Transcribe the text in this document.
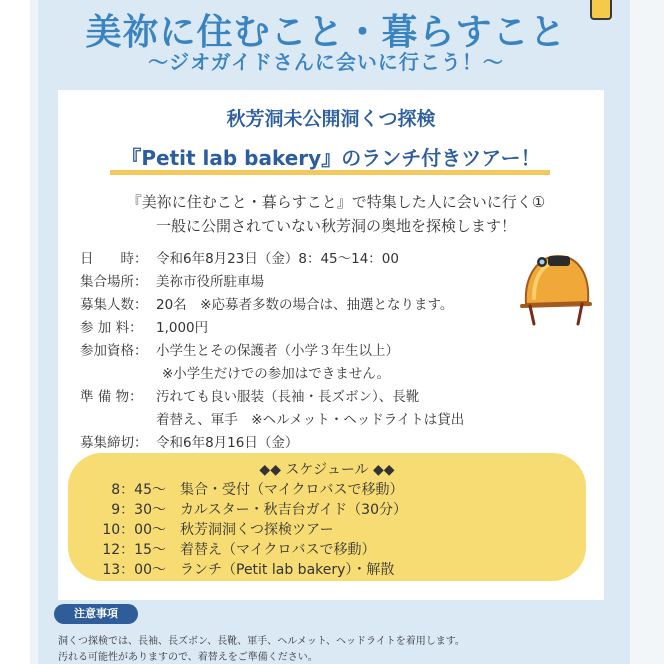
美祢に住むこと・暮らすこと
～ジオガイドさんに会いに行こう！～
秋芳洞未公開洞くつ探検
『Petit lab bakery』のランチ付きツアー！
『美祢に住むこと・暮らすこと』で特集した人に会いに行く①
一般に公開されていない秋芳洞の奥地を探検します！
日　　時： 令和6年8月23日（金）8：45～14：00
集合場所： 美祢市役所駐車場
募集人数： 20名　※応募者多数の場合は、抽選となります。
参 加 料： 1,000円
参加資格： 小学生とその保護者（小学３年生以上）
※小学生だけでの参加はできません。
準 備 物： 汚れても良い服装（長袖・長ズボン）、長靴
着替え、軍手　※ヘルメット・ヘッドライトは貸出
募集締切： 令和6年8月16日（金）
◆◆ スケジュール ◆◆
8：45～ 集合・受付（マイクロバスで移動）
9：30～ カルスター・秋吉台ガイド（30分）
10：00～ 秋芳洞洞くつ探検ツアー
12：15～ 着替え（マイクロバスで移動）
13：00～ ランチ（Petit lab bakery）・解散
注意事項
洞くつ探検では、長袖、長ズボン、長靴、軍手、ヘルメット、ヘッドライトを着用します。
汚れる可能性がありますので、着替えをご準備ください。
